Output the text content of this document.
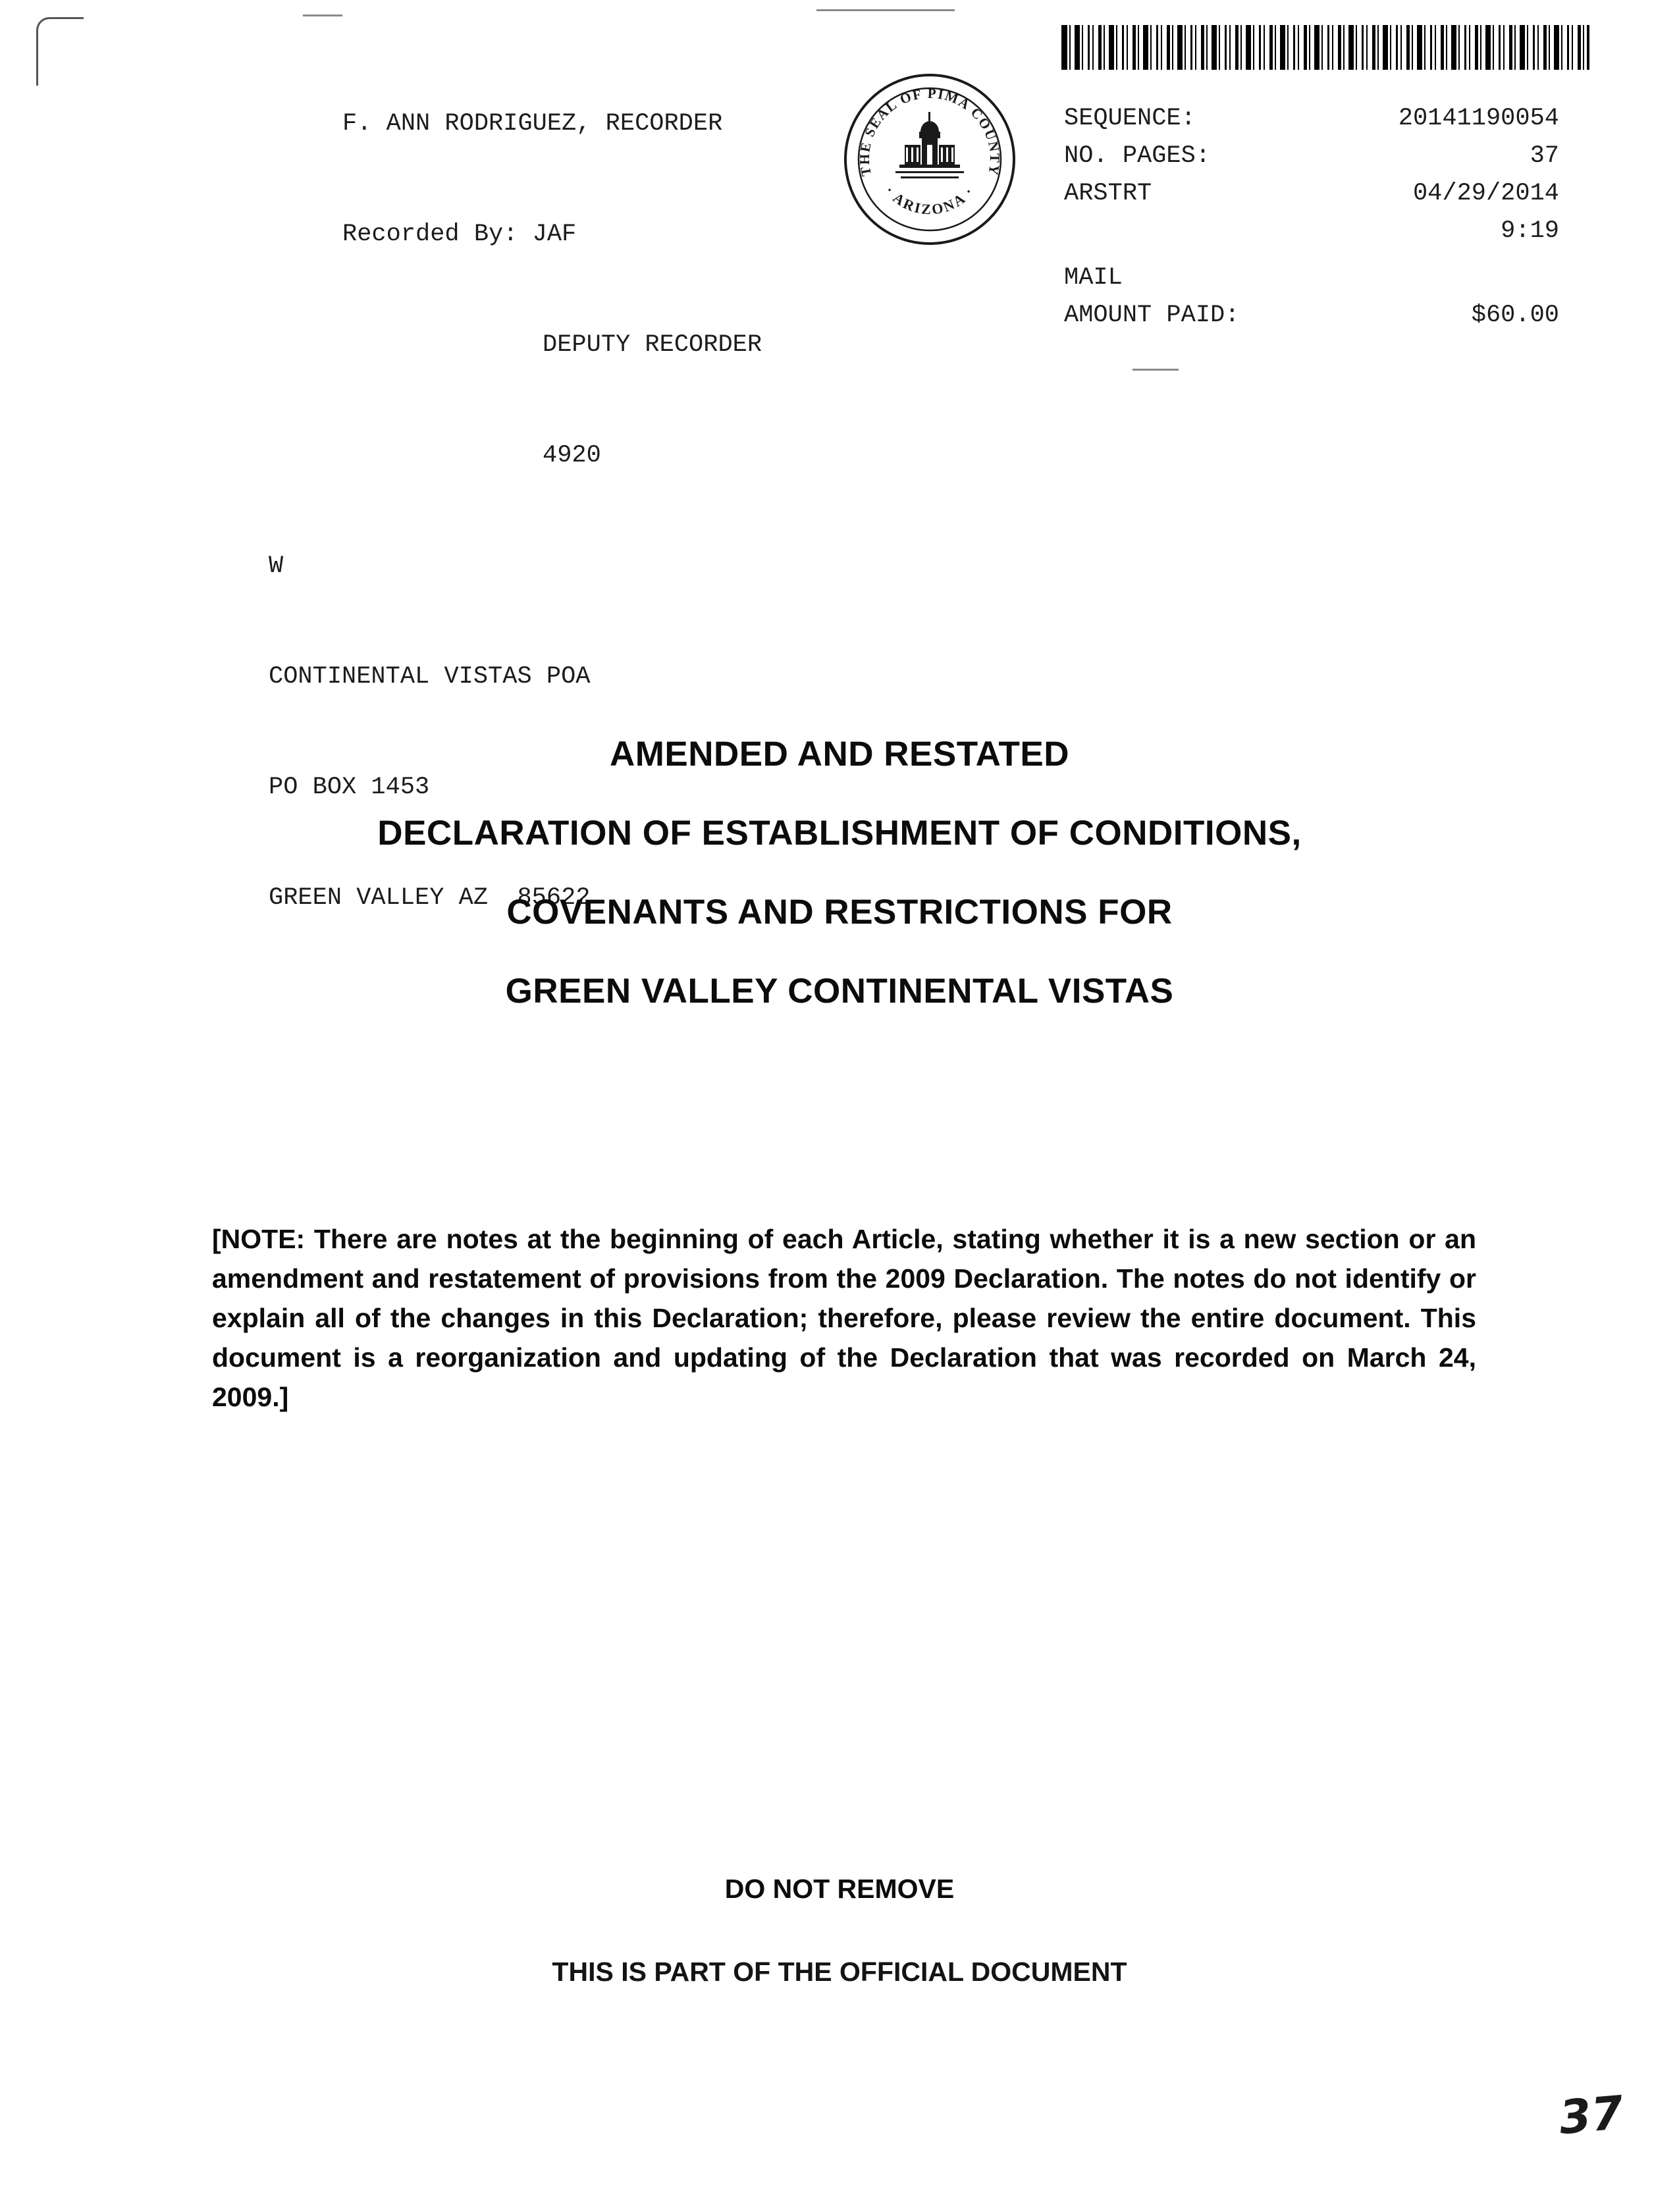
F. ANN RODRIGUEZ, RECORDER

Recorded By: JAF

DEPUTY RECORDER

4920

W

CONTINENTAL VISTAS POA

PO BOX 1453

GREEN VALLEY AZ  85622

THE SEAL OF PIMA COUNTY
· ARIZONA ·
SEQUENCE:	20141190054
NO. PAGES:	37
ARSTRT	04/29/2014
9:19
MAIL
AMOUNT PAID:	$60.00
AMENDED AND RESTATED
DECLARATION OF ESTABLISHMENT OF CONDITIONS,
COVENANTS AND RESTRICTIONS FOR
GREEN VALLEY CONTINENTAL VISTAS
[NOTE: There are notes at the beginning of each Article, stating whether it is a new section or an amendment and restatement of provisions from the 2009 Declaration. The notes do not identify or explain all of the changes in this Declaration; therefore, please review the entire document. This document is a reorganization and updating of the Declaration that was recorded on March 24, 2009.]
DO NOT REMOVE
THIS IS PART OF THE OFFICIAL DOCUMENT
37
